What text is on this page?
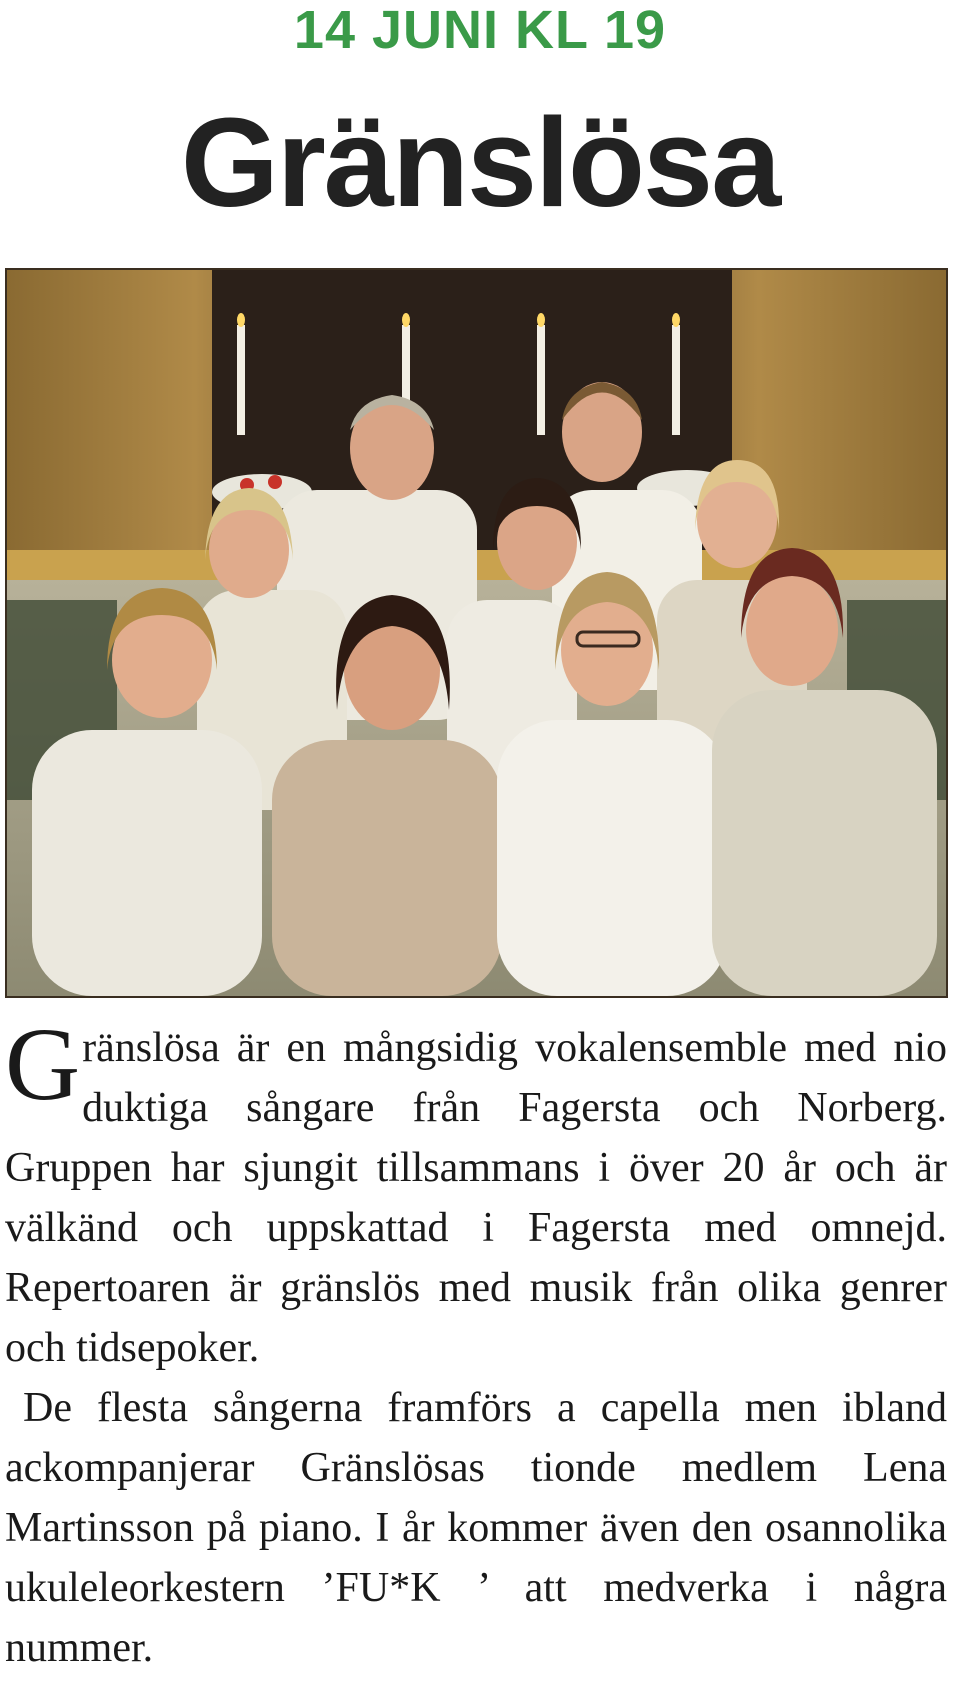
14 JUNI KL 19
Gränslösa

Gränslösa är en mångsidig vokalensemble med nio duktiga sångare från Fagersta och Norberg. Gruppen har sjungit tillsammans i över 20 år och är välkänd och uppskattad i Fagersta med omnejd. Repertoaren är gränslös med musik från olika genrer och tidsepoker.

De flesta sångerna framförs a capella men ibland ackompanjerar Gränslösas tionde medlem Lena Martinsson på piano. I år kommer även den osannolika ukuleleorkestern ’FU*K ’ att medverka i några nummer.
